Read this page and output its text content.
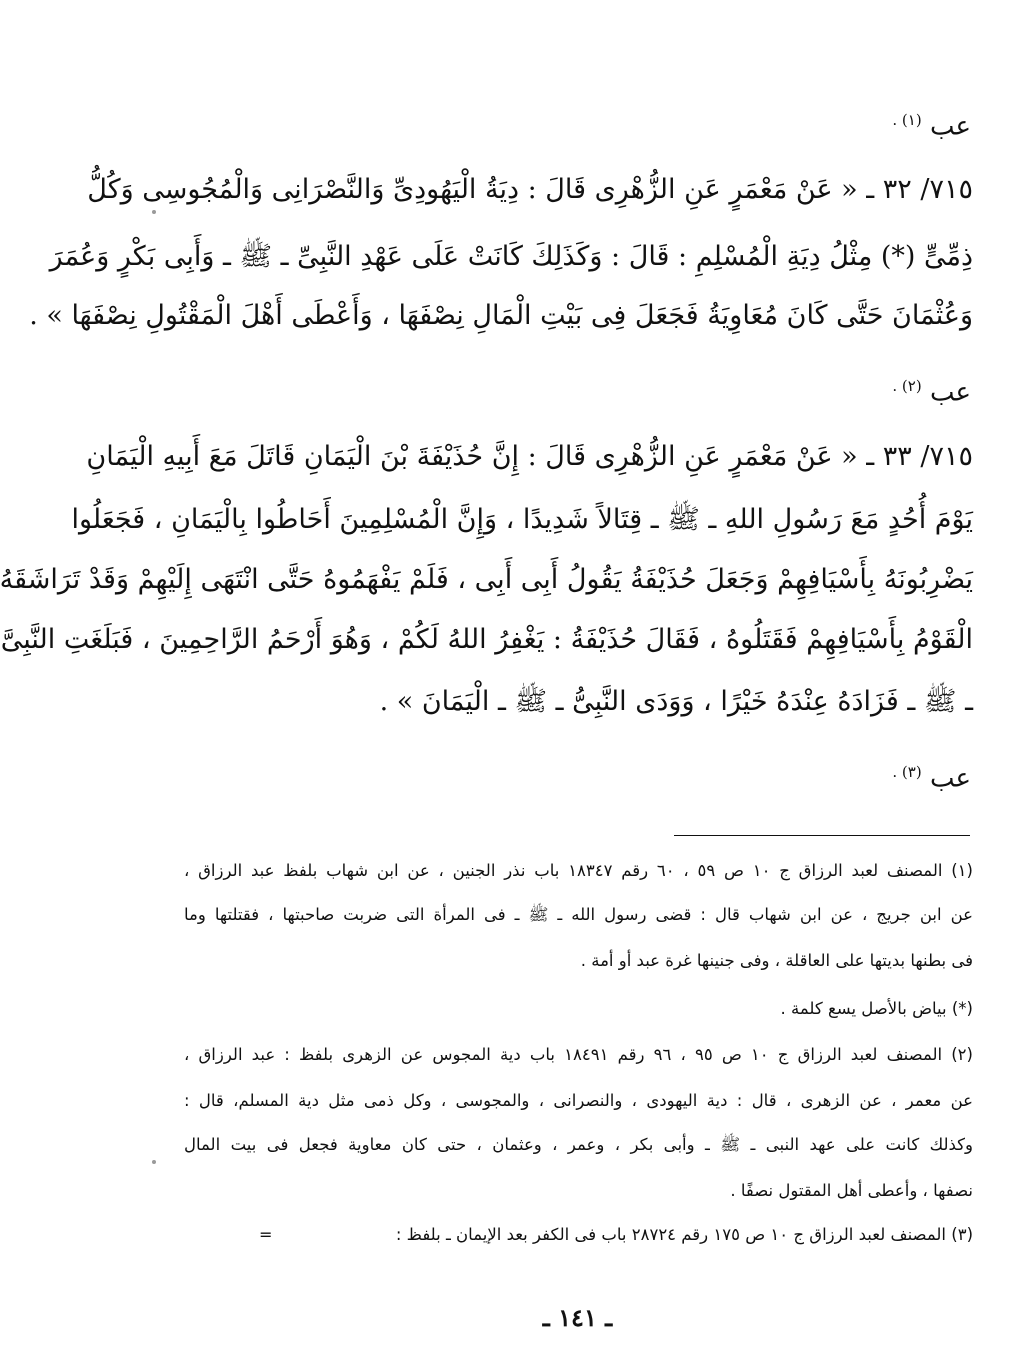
عب $^{(١) .}$
٧١٥/ ٣٢ ـ « عَنْ مَعْمَرٍ عَنِ الزُّهْرِى قَالَ : دِيَةُ الْيَهُودِىِّ وَالنَّصْرَانِى وَالْمُجُوسِى وَكُلُّ
ذِمِّىٍّ (*) مِثْلُ دِيَةِ الْمُسْلِمِ : قَالَ : وَكَذَلِكَ كَانَتْ عَلَى عَهْدِ النَّبِىِّ ـ ﷺ ـ وَأَبِى بَكْرٍ وَعُمَرَ
وَعُثْمَانَ حَتَّى كَانَ مُعَاوِيَةُ فَجَعَلَ فِى بَيْتِ الْمَالِ نِصْفَهَا ، وَأَعْطَى أَهْلَ الْمَقْتُولِ نِصْفَهَا » .
عب $^{(٢) .}$
٧١٥/ ٣٣ ـ « عَنْ مَعْمَرٍ عَنِ الزُّهْرِى قَالَ : إِنَّ حُذَيْفَةَ بْنَ الْيَمَانِ قَاتَلَ مَعَ أَبِيهِ الْيَمَانِ
يَوْمَ أُحُدٍ مَعَ رَسُولِ اللهِ ـ ﷺ ـ قِتَالاً شَدِيدًا ، وَإِنَّ الْمُسْلِمِينَ أَحَاطُوا بِالْيَمَانِ ، فَجَعَلُوا
يَضْرِبُونَهُ بِأَسْيَافِهِمْ وَجَعَلَ حُذَيْفَةُ يَقُولُ أَبِى أَبِى ، فَلَمْ يَفْهَمُوهُ حَتَّى انْتَهَى إِلَيْهِمْ وَقَدْ تَرَاشَقَهُ
الْقَوْمُ بِأَسْيَافِهِمْ فَقَتَلُوهُ ، فَقَالَ حُذَيْفَةُ : يَغْفِرُ اللهُ لَكُمْ ، وَهُوَ أَرْحَمُ الرَّاحِمِينَ ، فَبَلَغَتِ النَّبِىَّ
ـ ﷺ ـ فَزَادَهُ عِنْدَهُ خَيْرًا ، وَوَدَى النَّبِىُّ ـ ﷺ ـ الْيَمَانَ » .
عب $^{(٣) .}$
(١) المصنف لعبد الرزاق ج ١٠ ص ٥٩ ، ٦٠ رقم ١٨٣٤٧ باب نذر الجنين ، عن ابن شهاب بلفظ عبد الرزاق ،
عن ابن جريج ، عن ابن شهاب قال : قضى رسول الله ـ ﷺ ـ فى المرأة التى ضربت صاحبتها ، فقتلتها وما
فى بطنها بديتها على العاقلة ، وفى جنينها غرة عبد أو أمة .
(*) بياض بالأصل يسع كلمة .
(٢) المصنف لعبد الرزاق ج ١٠ ص ٩٥ ، ٩٦ رقم ١٨٤٩١ باب دية المجوس عن الزهرى بلفظ : عبد الرزاق ،
عن معمر ، عن الزهرى ، قال : دية اليهودى ، والنصرانى ، والمجوسى ، وكل ذمى مثل دية المسلم، قال :
وكذلك كانت على عهد النبى ـ ﷺ ـ وأبى بكر ، وعمر ، وعثمان ، حتى كان معاوية فجعل فى بيت المال
نصفها ، وأعطى أهل المقتول نصفًا .
(٣) المصنف لعبد الرزاق ج ١٠ ص ١٧٥ رقم ٢٨٧٢٤ باب فى الكفر بعد الإيمان ـ بلفظ :
=
ـ ١٤١ ـ
